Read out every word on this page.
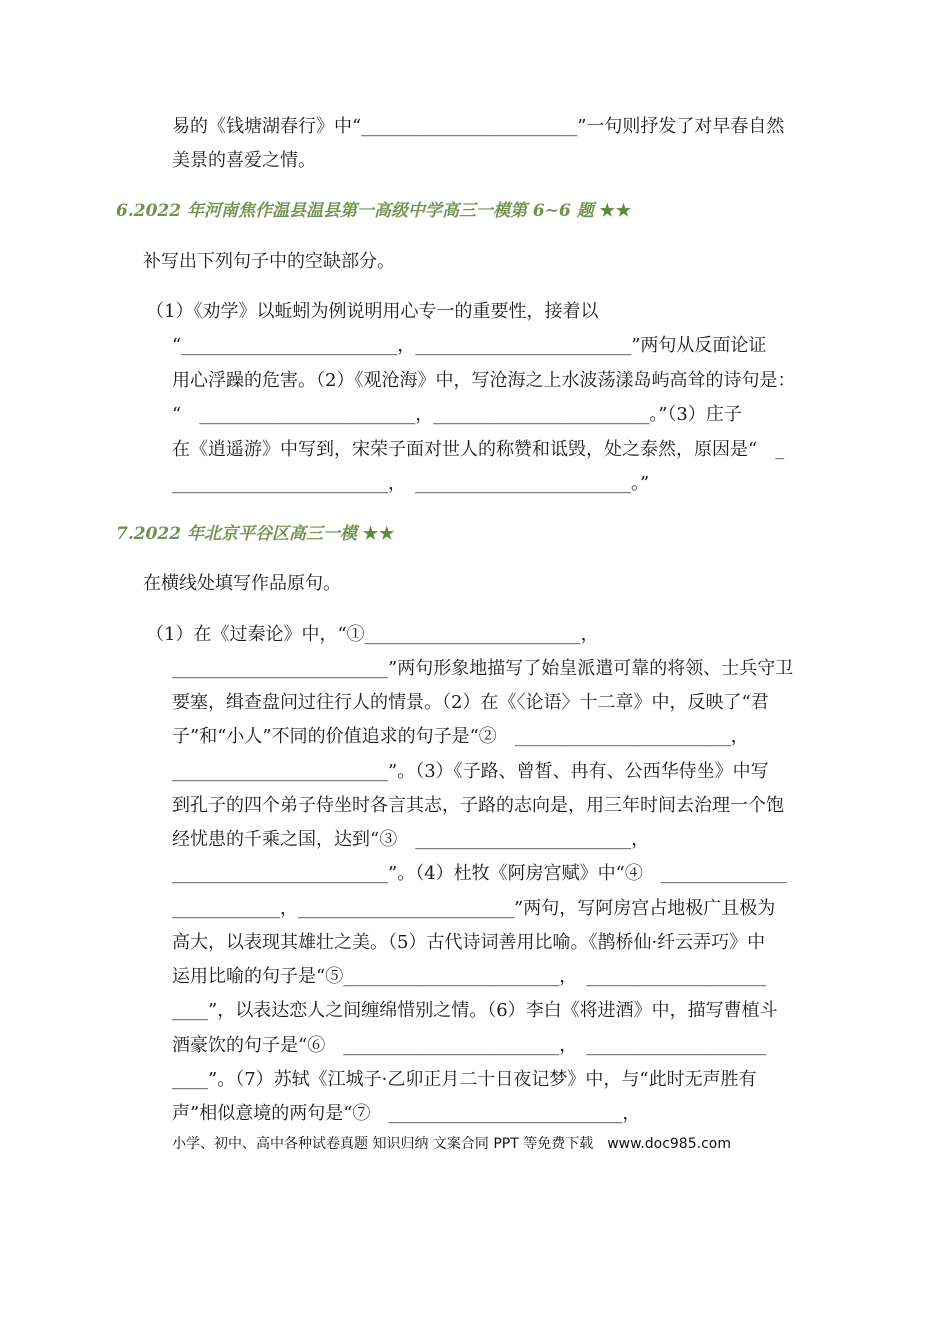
易的《钱塘湖春行》中“________________________”一句则抒发了对早春自然
美景的喜爱之情。
6.2022 年河南焦作温县温县第一高级中学高三一模第 6~6 题 ★★
补写出下列句子中的空缺部分。
（1）《劝学》以蚯蚓为例说明用心专一的重要性，接着以
“________________________，________________________”两句从反面论证
用心浮躁的危害。（2）《观沧海》中，写沧海之上水波荡漾岛屿高耸的诗句是：
“　________________________，________________________。”（3）庄子
在《逍遥游》中写到，宋荣子面对世人的称赞和诋毁，处之泰然，原因是“　_
________________________，　________________________。”
7.2022 年北京平谷区高三一模 ★★
在横线处填写作品原句。
（1）在《过秦论》中，“①________________________，
________________________”两句形象地描写了始皇派遣可靠的将领、士兵守卫
要塞，缉查盘问过往行人的情景。（2）在《〈论语〉十二章》中，反映了“君
子”和“小人”不同的价值追求的句子是“②　________________________，
________________________”。（3）《子路、曾皙、冉有、公西华侍坐》中写
到孔子的四个弟子侍坐时各言其志，子路的志向是，用三年时间去治理一个饱
经忧患的千乘之国，达到“③　________________________，
________________________”。（4）杜牧《阿房宫赋》中“④　______________
____________，________________________”两句，写阿房宫占地极广且极为
高大，以表现其雄壮之美。（5）古代诗词善用比喻。《鹊桥仙·纤云弄巧》中
运用比喻的句子是“⑤________________________，　____________________
____”，以表达恋人之间缠绵惜别之情。（6）李白《将进酒》中，描写曹植斗
酒豪饮的句子是“⑥　________________________，　____________________
____”。（7）苏轼《江城子·乙卯正月二十日夜记梦》中，与“此时无声胜有
声”相似意境的两句是“⑦　__________________________，
小学、初中、高中各种试卷真题 知识归纳 文案合同 PPT 等免费下载　www.doc985.com
